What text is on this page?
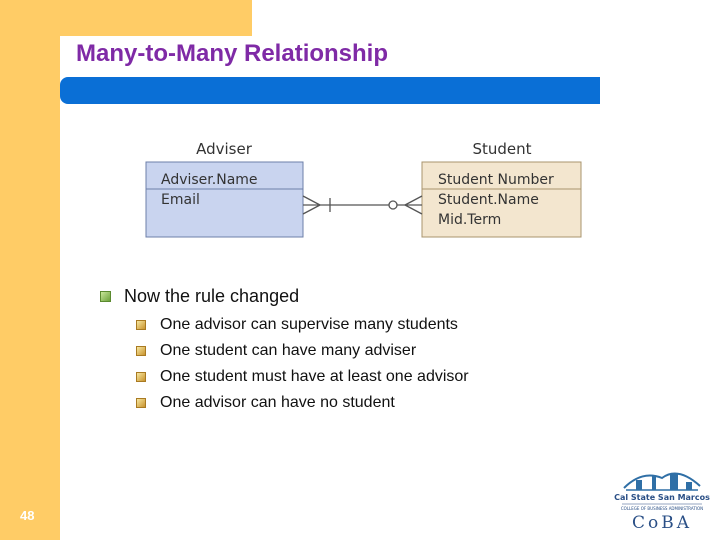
Many-to-Many Relationship
Adviser
Adviser.Name
Email
Student
Student Number
Student.Name
Mid.Term
Now the rule changed
One advisor can supervise many students
One student can have many adviser
One student must have at least one advisor
One advisor can have no student
48
Cal State San Marcos
COLLEGE OF BUSINESS ADMINISTRATION
CoBA
